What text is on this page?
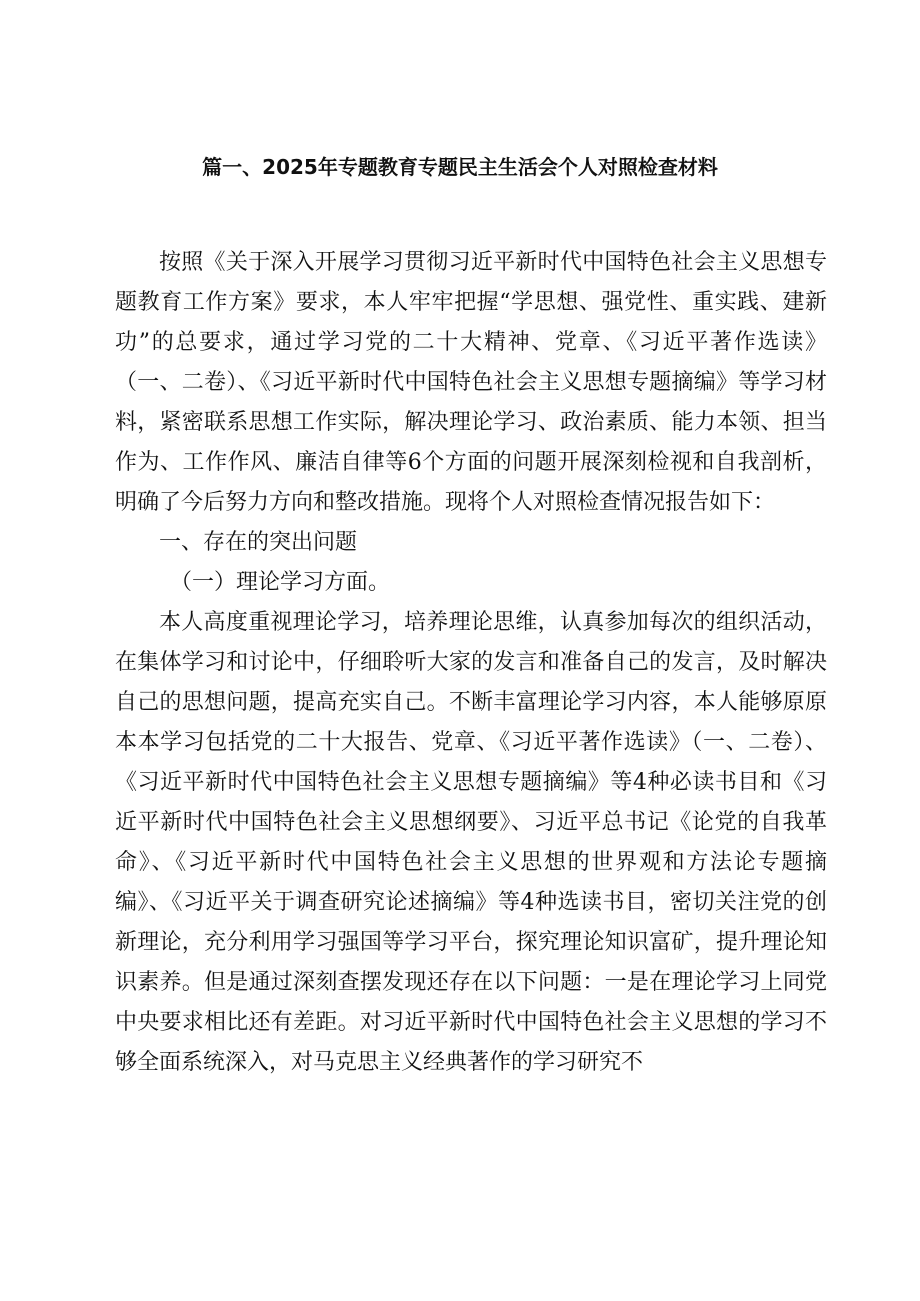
篇一、2025年专题教育专题民主生活会个人对照检查材料

按照《关于深入开展学习贯彻习近平新时代中国特色社会主义思想专题教育工作方案》要求，本人牢牢把握“学思想、强党性、重实践、建新功”的总要求，通过学习党的二十大精神、党章、《习近平著作选读》（一、二卷）、《习近平新时代中国特色社会主义思想专题摘编》等学习材料，紧密联系思想工作实际，解决理论学习、政治素质、能力本领、担当作为、工作作风、廉洁自律等6个方面的问题开展深刻检视和自我剖析，明确了今后努力方向和整改措施。现将个人对照检查情况报告如下：

一、存在的突出问题

（一）理论学习方面。

本人高度重视理论学习，培养理论思维，认真参加每次的组织活动，在集体学习和讨论中，仔细聆听大家的发言和准备自己的发言，及时解决自己的思想问题，提高充实自己。不断丰富理论学习内容，本人能够原原本本学习包括党的二十大报告、党章、《习近平著作选读》（一、二卷）、《习近平新时代中国特色社会主义思想专题摘编》等4种必读书目和《习近平新时代中国特色社会主义思想纲要》、习近平总书记《论党的自我革命》、《习近平新时代中国特色社会主义思想的世界观和方法论专题摘编》、《习近平关于调查研究论述摘编》等4种选读书目，密切关注党的创新理论，充分利用学习强国等学习平台，探究理论知识富矿，提升理论知识素养。但是通过深刻查摆发现还存在以下问题：一是在理论学习上同党中央要求相比还有差距。对习近平新时代中国特色社会主义思想的学习不够全面系统深入，对马克思主义经典著作的学习研究不
